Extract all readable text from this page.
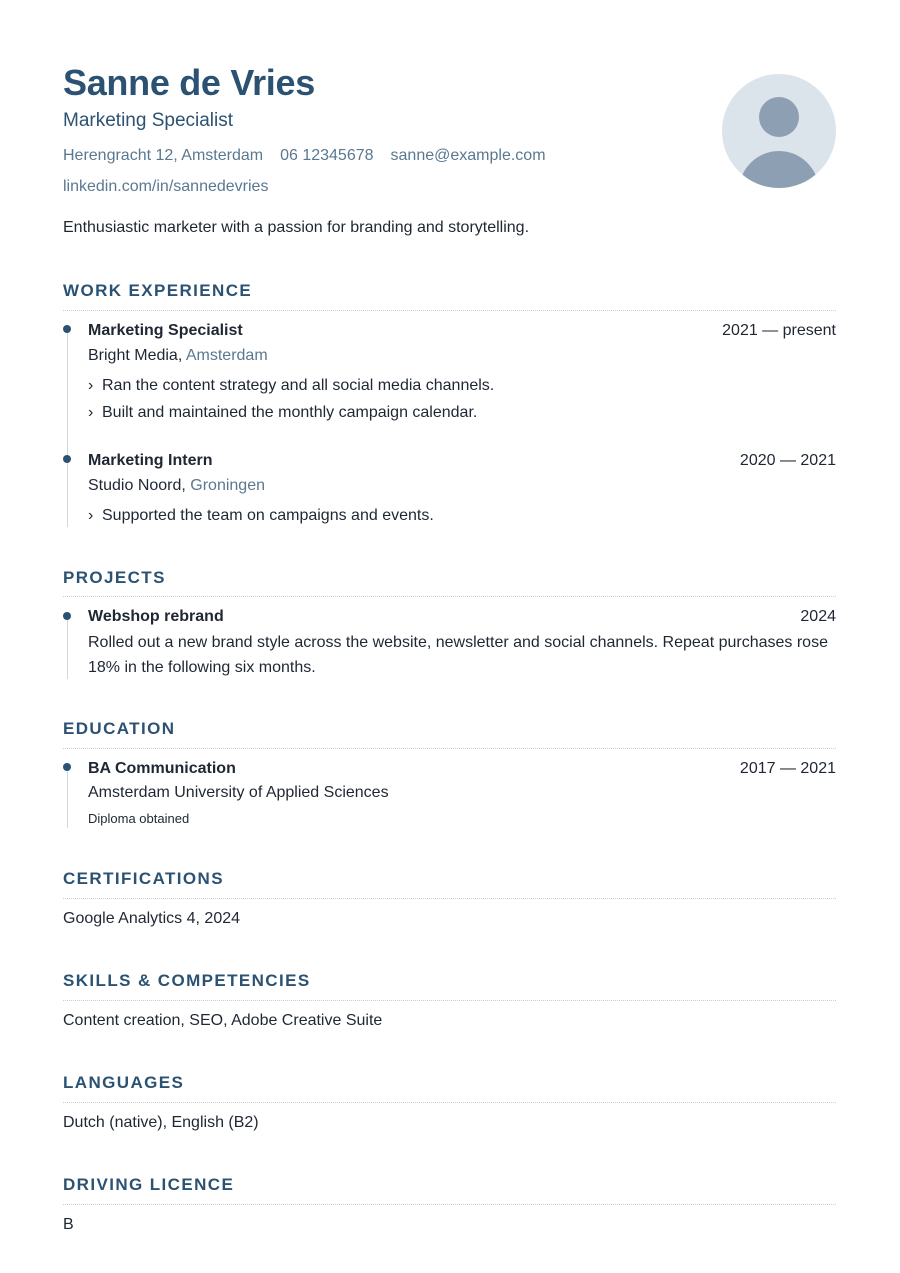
Sanne de Vries
Marketing Specialist
Herengracht 12, Amsterdam 06 12345678 sanne@example.com
linkedin.com/in/sannedevries
Enthusiastic marketer with a passion for branding and storytelling.
WORK EXPERIENCE
Marketing Specialist	2021 — present
Bright Media, Amsterdam
› Ran the content strategy and all social media channels.
› Built and maintained the monthly campaign calendar.
Marketing Intern	2020 — 2021
Studio Noord, Groningen
› Supported the team on campaigns and events.
PROJECTS
Webshop rebrand	2024
Rolled out a new brand style across the website, newsletter and social channels. Repeat purchases rose 18% in the following six months.
EDUCATION
BA Communication	2017 — 2021
Amsterdam University of Applied Sciences
Diploma obtained
CERTIFICATIONS
Google Analytics 4, 2024
SKILLS & COMPETENCIES
Content creation, SEO, Adobe Creative Suite
LANGUAGES
Dutch (native), English (B2)
DRIVING LICENCE
B
